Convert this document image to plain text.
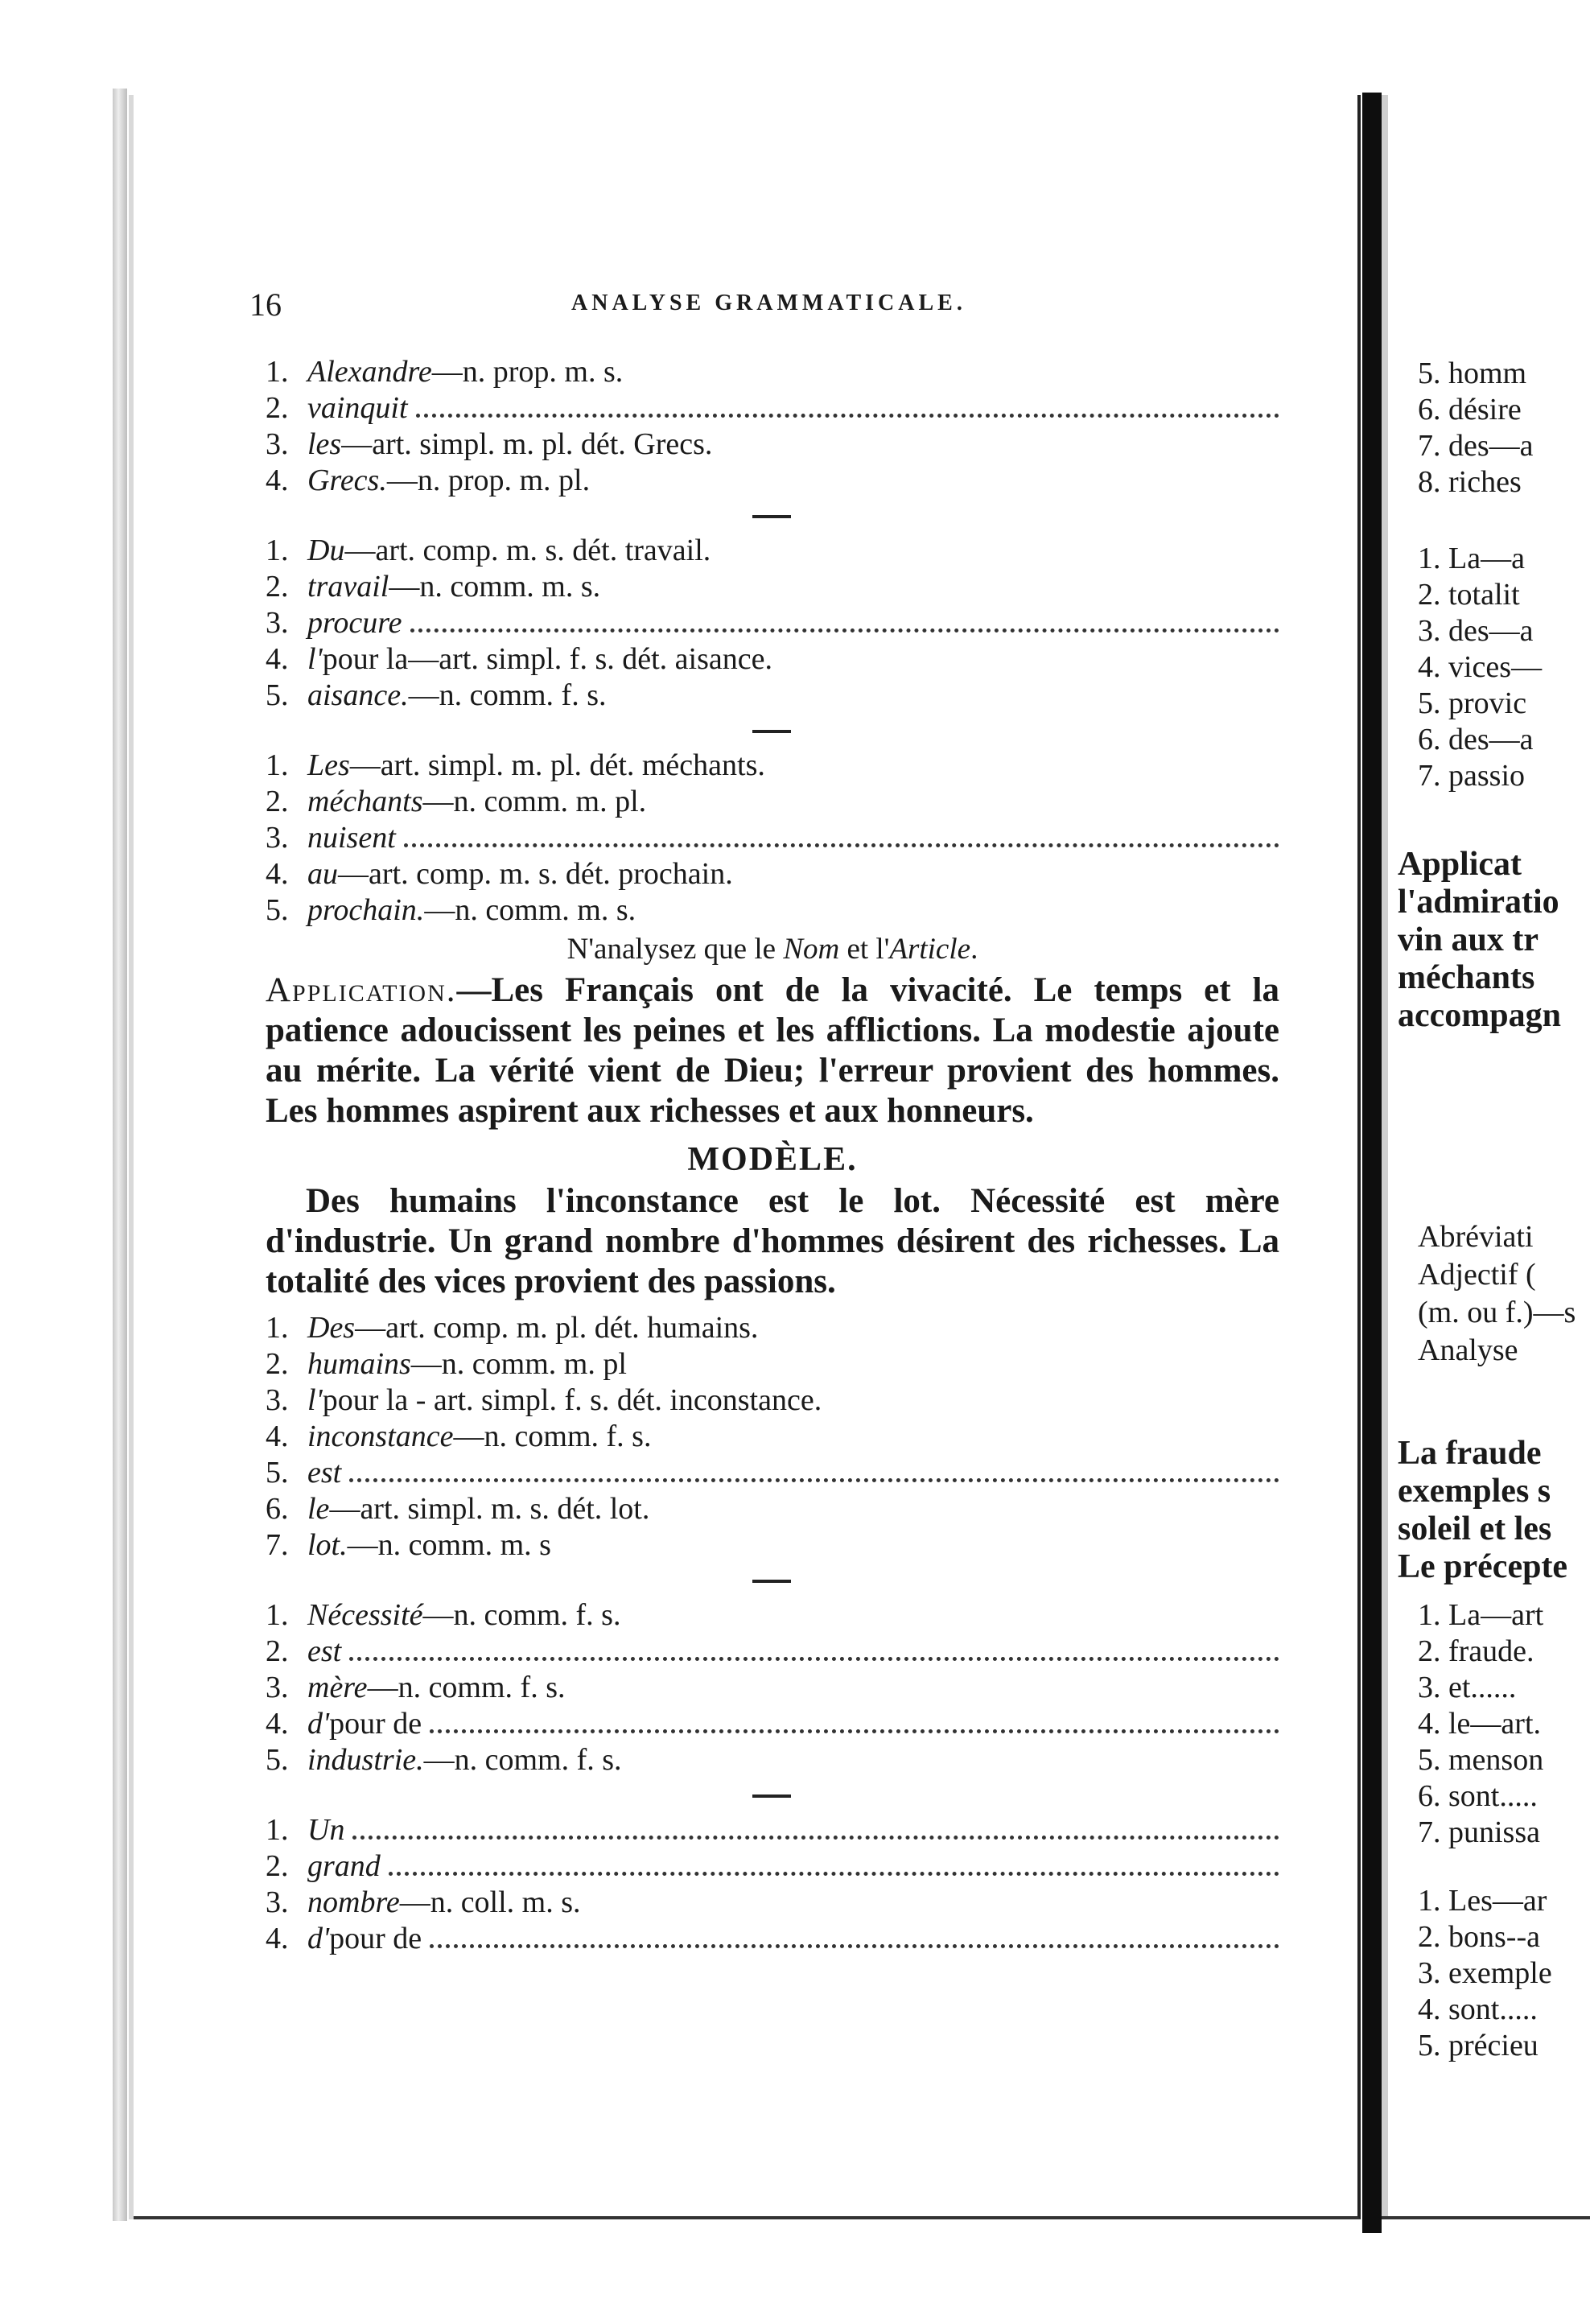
16	ANALYSE GRAMMATICALE.
1. Alexandre —n. prop. m. s.
2. vainquit
3. les —art. simpl. m. pl. dét. Grecs.
4. Grecs. —n. prop. m. pl.
1. Du —art. comp. m. s. dét. travail.
2. travail —n. comm. m. s.
3. procure
4. l' pour la—art. simpl. f. s. dét. aisance.
5. aisance. —n. comm. f. s.
1. Les —art. simpl. m. pl. dét. méchants.
2. méchants —n. comm. m. pl.
3. nuisent
4. au —art. comp. m. s. dét. prochain.
5. prochain. —n. comm. m. s.
N'analysez que le Nom et l'Article.
Application.—Les Français ont de la vivacité. Le temps et la patience adoucissent les peines et les afflictions. La modestie ajoute au mérite. La vérité vient de Dieu; l'erreur provient des hommes. Les hommes aspirent aux richesses et aux honneurs.
MODÈLE.
Des humains l'inconstance est le lot. Nécessité est mère d'industrie. Un grand nombre d'hommes désirent des richesses. La totalité des vices provient des passions.
1. Des —art. comp. m. pl. dét. humains.
2. humains —n. comm. m. pl
3. l' pour la - art. simpl. f. s. dét. inconstance.
4. inconstance —n. comm. f. s.
5. est
6. le —art. simpl. m. s. dét. lot.
7. lot. —n. comm. m. s
1. Nécessité —n. comm. f. s.
2. est
3. mère —n. comm. f. s.
4. d' pour de
5. industrie. —n. comm. f. s.
1. Un
2. grand
3. nombre —n. coll. m. s.
4. d' pour de
5. homm
6. désire
7. des—a
8. riches
1. La—a
2. totalit
3. des—a
4. vices—
5. provic
6. des—a
7. passio
Applicat
l'admiratio
vin aux tr
méchants
accompagn
Abréviati
Adjectif (
(m. ou f.)—s
Analyse
La fraude
exemples s
soleil et les
Le précepte
1. La—art
2. fraude.
3. et......
4. le—art.
5. menson
6. sont.....
7. punissa
1. Les—ar
2. bons--a
3. exemple
4. sont.....
5. précieu
